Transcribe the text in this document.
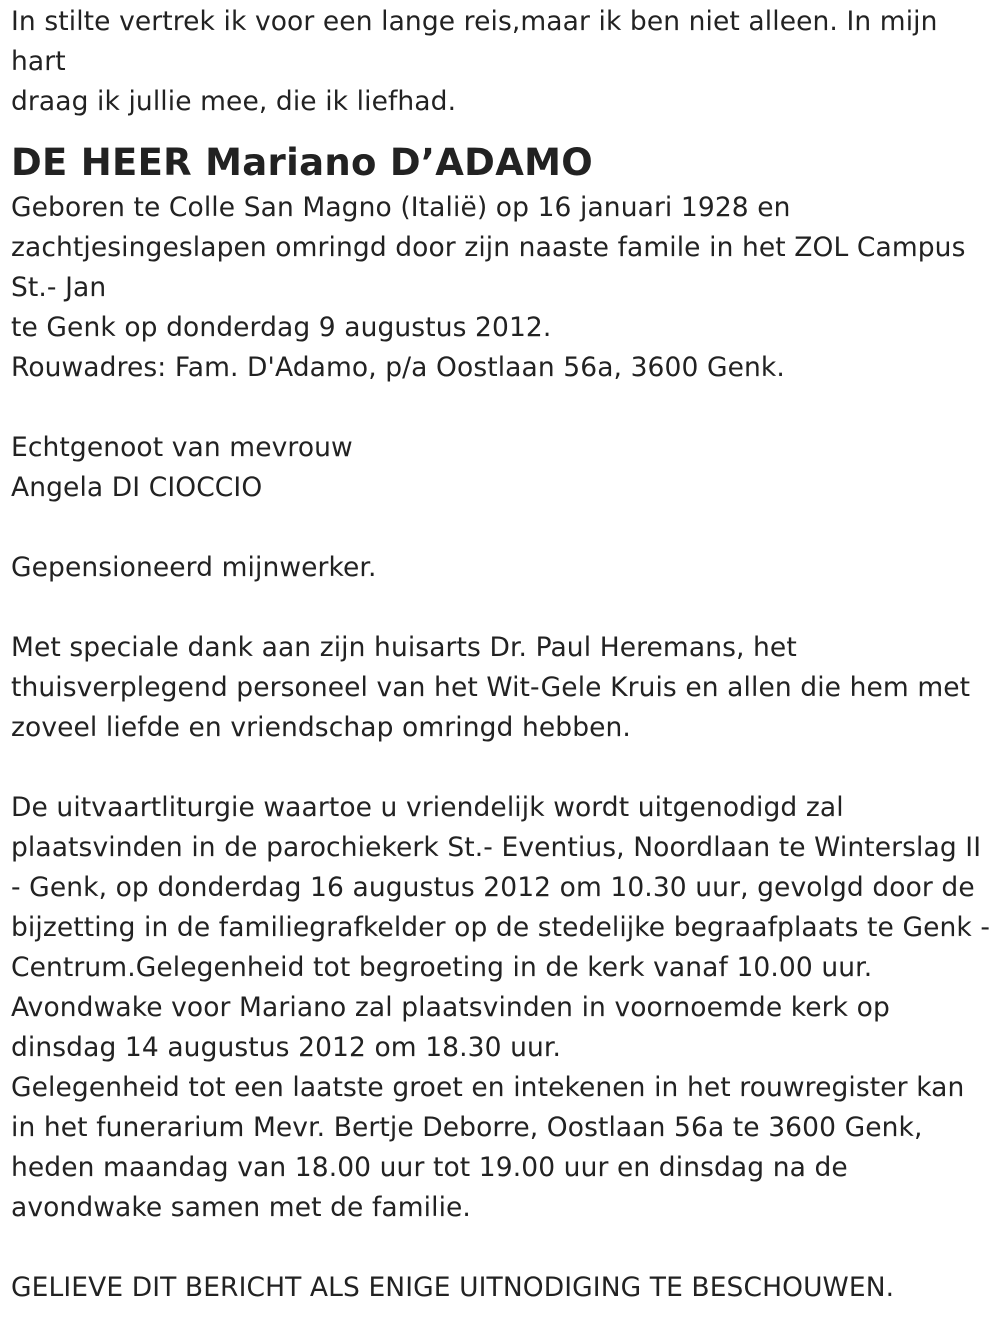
In stilte vertrek ik voor een lange reis,maar ik ben niet alleen. In mijn
hart
draag ik jullie mee, die ik liefhad.
DE HEER Mariano D’ADAMO
Geboren te Colle San Magno (Italië) op 16 januari 1928 en
zachtjesingeslapen omringd door zijn naaste famile in het ZOL Campus
St.- Jan
te Genk op donderdag 9 augustus 2012.
Rouwadres: Fam. D'Adamo, p/a Oostlaan 56a, 3600 Genk.
Echtgenoot van mevrouw
Angela DI CIOCCIO
Gepensioneerd mijnwerker.
Met speciale dank aan zijn huisarts Dr. Paul Heremans, het
thuisverplegend personeel van het Wit-Gele Kruis en allen die hem met
zoveel liefde en vriendschap omringd hebben.
De uitvaartliturgie waartoe u vriendelijk wordt uitgenodigd zal
plaatsvinden in de parochiekerk St.- Eventius, Noordlaan te Winterslag II
- Genk, op donderdag 16 augustus 2012 om 10.30 uur, gevolgd door de
bijzetting in de familiegrafkelder op de stedelijke begraafplaats te Genk -
Centrum.Gelegenheid tot begroeting in de kerk vanaf 10.00 uur.
Avondwake voor Mariano zal plaatsvinden in voornoemde kerk op
dinsdag 14 augustus 2012 om 18.30 uur.
Gelegenheid tot een laatste groet en intekenen in het rouwregister kan
in het funerarium Mevr. Bertje Deborre, Oostlaan 56a te 3600 Genk,
heden maandag van 18.00 uur tot 19.00 uur en dinsdag na de
avondwake samen met de familie.
GELIEVE DIT BERICHT ALS ENIGE UITNODIGING TE BESCHOUWEN.
